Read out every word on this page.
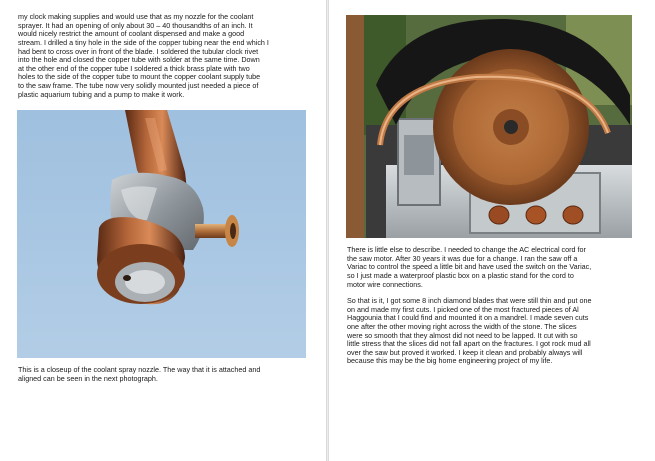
my clock making supplies and would use that as my nozzle for the coolant
sprayer. It had an opening of only about 30 – 40 thousandths of an inch. It
would nicely restrict the amount of coolant dispensed and make a good
stream. I drilled a tiny hole in the side of the copper tubing near the end which I
had bent to cross over in front of the blade. I soldered the tubular clock rivet
into the hole and closed the copper tube with solder at the same time. Down
at the other end of the copper tube I soldered a thick brass plate with two
holes to the side of the copper tube to mount the copper coolant supply tube
to the saw frame. The tube now very solidly mounted just needed a piece of
plastic aquarium tubing and a pump to make it work.
This is a closeup of the coolant spray nozzle. The way that it is attached and
aligned can be seen in the next photograph.
There is little else to describe. I needed to change the AC electrical cord for
the saw motor. After 30 years it was due for a change. I ran the saw off a
Variac to control the speed a little bit and have used the switch on the Variac,
so I just made a waterproof plastic box on a plastic stand for the cord to
motor wire connections.
So that is it, I got some 8 inch diamond blades that were still thin and put one
on and made my first cuts. I picked one of the most fractured pieces of Al
Haggounia that I could find and mounted it on a mandrel. I made seven cuts
one after the other moving right across the width of the stone. The slices
were so smooth that they almost did not need to be lapped. It cut with so
little stress that the slices did not fall apart on the fractures. I got rock mud all
over the saw but proved it worked. I keep it clean and probably always will
because this may be the big home engineering project of my life.
